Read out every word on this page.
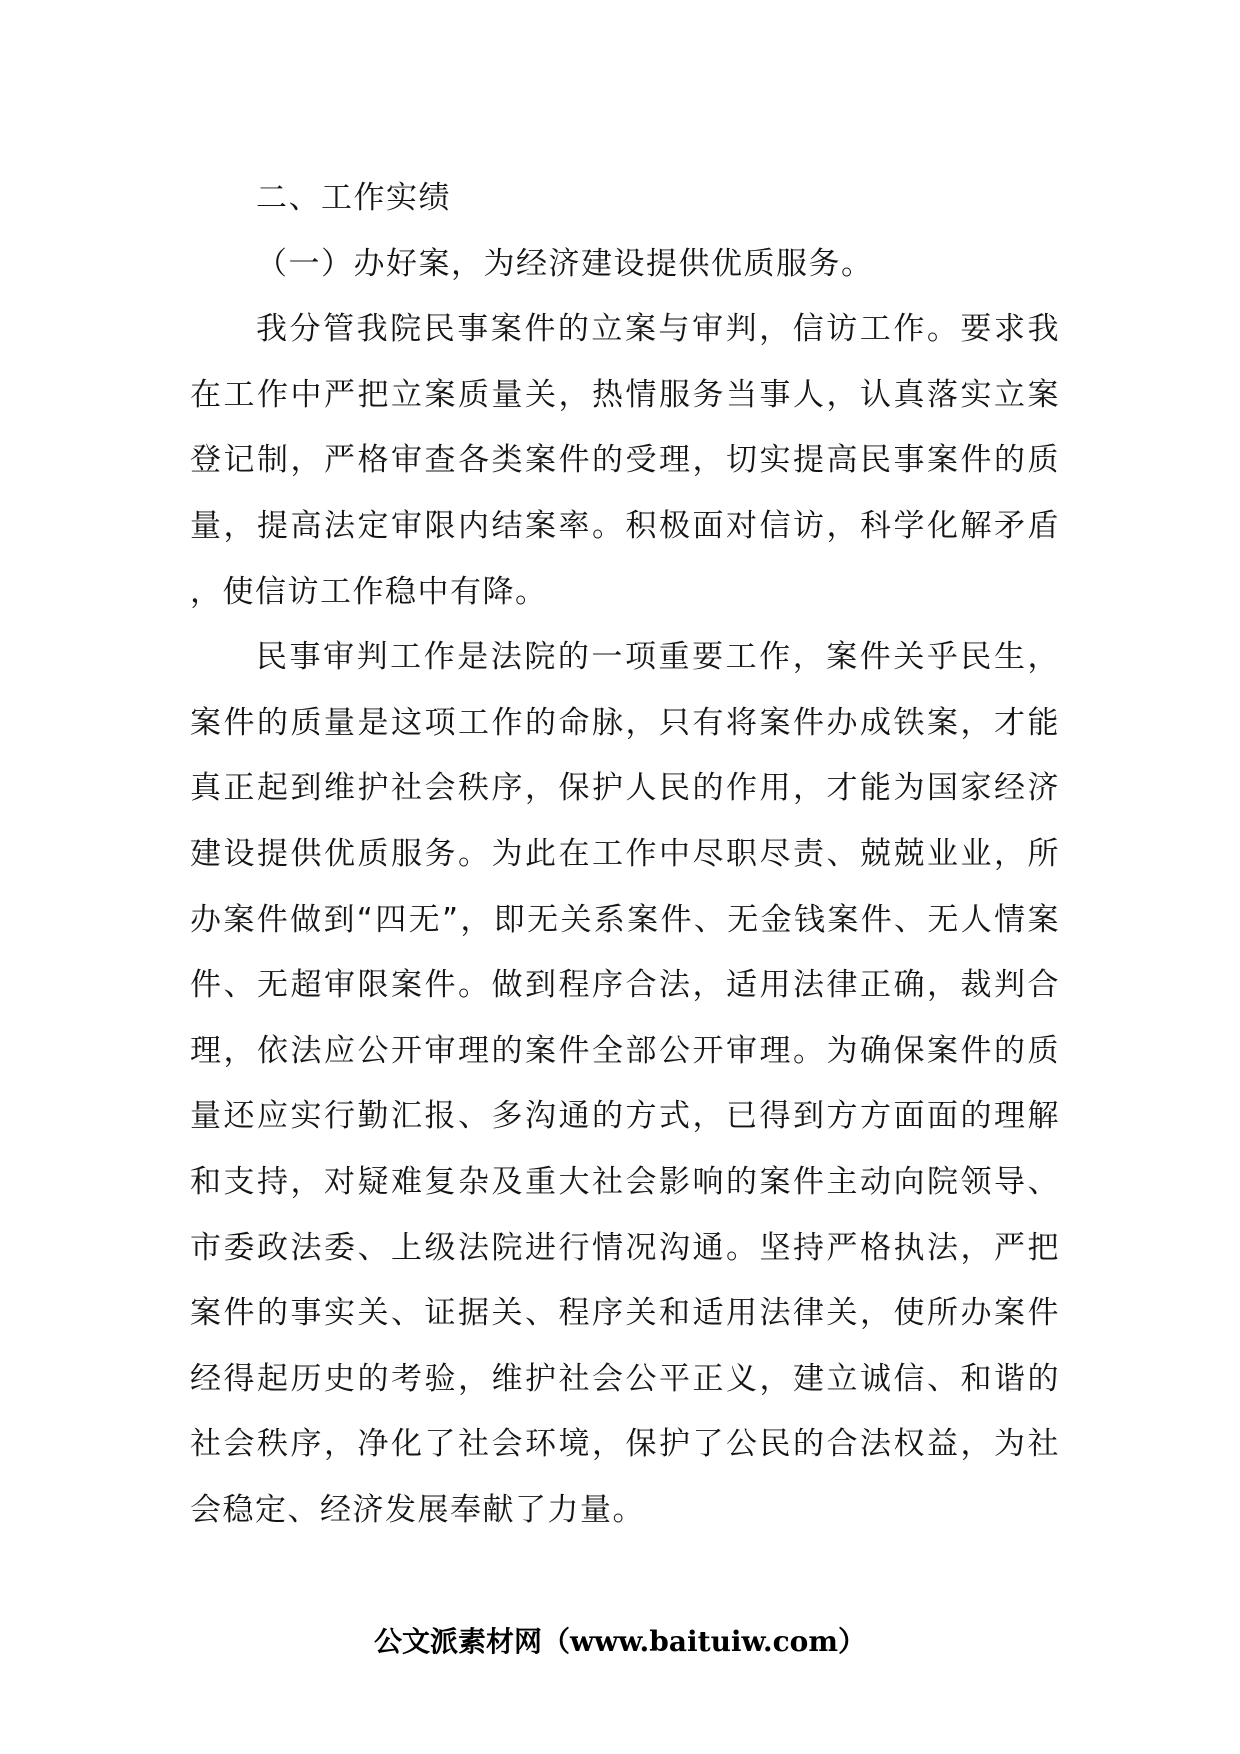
二、工作实绩

（一）办好案，为经济建设提供优质服务。

我分管我院民事案件的立案与审判，信访工作。要求我在工作中严把立案质量关，热情服务当事人，认真落实立案登记制，严格审查各类案件的受理，切实提高民事案件的质量，提高法定审限内结案率。积极面对信访，科学化解矛盾，使信访工作稳中有降。

民事审判工作是法院的一项重要工作，案件关乎民生，案件的质量是这项工作的命脉，只有将案件办成铁案，才能真正起到维护社会秩序，保护人民的作用，才能为国家经济建设提供优质服务。为此在工作中尽职尽责、兢兢业业，所办案件做到“四无”，即无关系案件、无金钱案件、无人情案件、无超审限案件。做到程序合法，适用法律正确，裁判合理，依法应公开审理的案件全部公开审理。为确保案件的质量还应实行勤汇报、多沟通的方式，已得到方方面面的理解和支持，对疑难复杂及重大社会影响的案件主动向院领导、市委政法委、上级法院进行情况沟通。坚持严格执法，严把案件的事实关、证据关、程序关和适用法律关，使所办案件经得起历史的考验，维护社会公平正义，建立诚信、和谐的社会秩序，净化了社会环境，保护了公民的合法权益，为社会稳定、经济发展奉献了力量。

公文派素材网（www.baituiw.com）
